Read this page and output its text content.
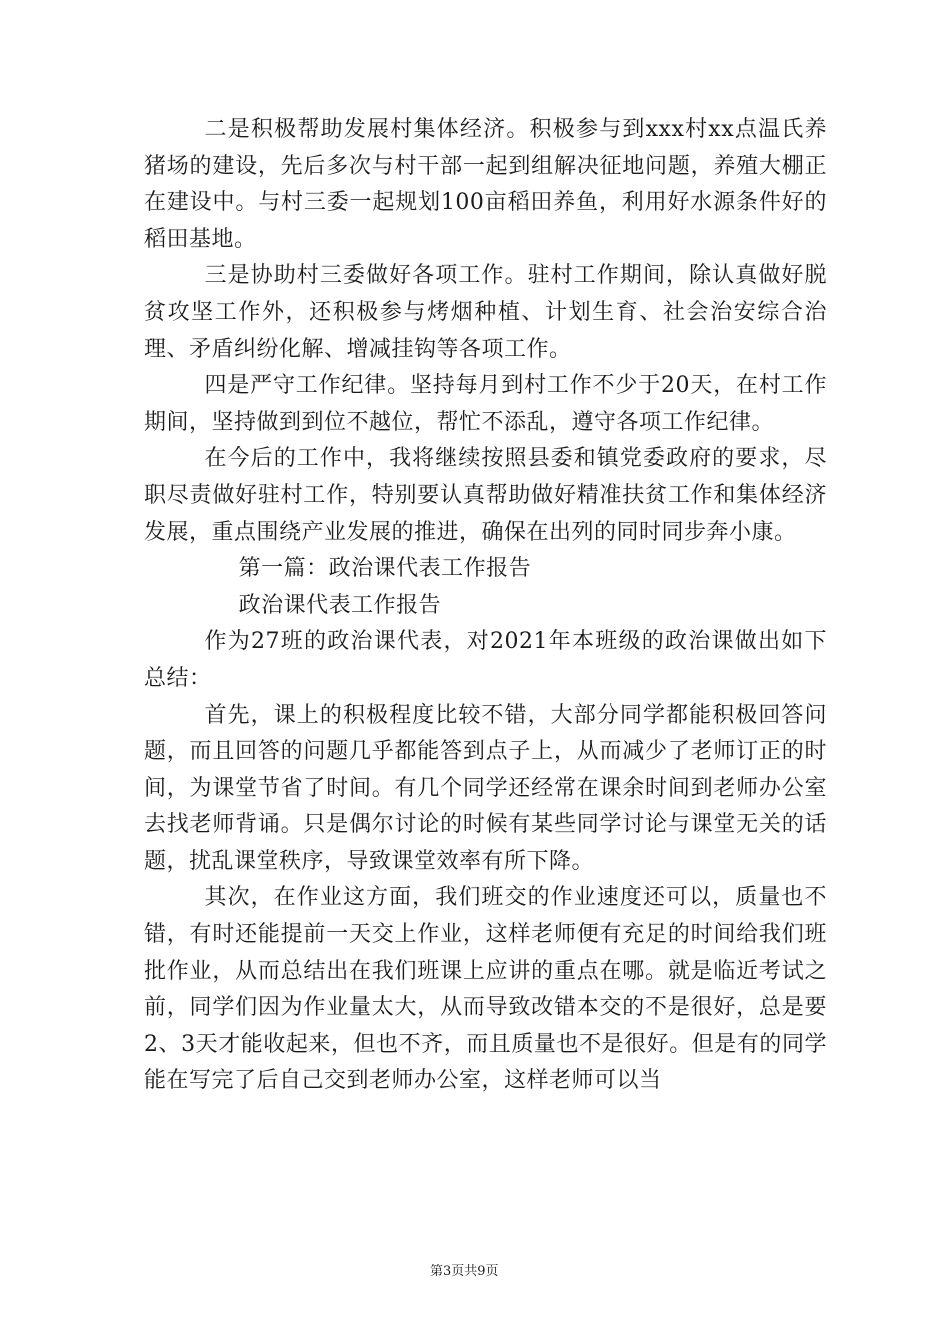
二是积极帮助发展村集体经济。积极参与到xxx村xx点温氏养猪场的建设，先后多次与村干部一起到组解决征地问题，养殖大棚正在建设中。与村三委一起规划100亩稻田养鱼，利用好水源条件好的稻田基地。

三是协助村三委做好各项工作。驻村工作期间，除认真做好脱贫攻坚工作外，还积极参与烤烟种植、计划生育、社会治安综合治理、矛盾纠纷化解、增减挂钩等各项工作。

四是严守工作纪律。坚持每月到村工作不少于20天，在村工作期间，坚持做到到位不越位，帮忙不添乱，遵守各项工作纪律。

在今后的工作中，我将继续按照县委和镇党委政府的要求，尽职尽责做好驻村工作，特别要认真帮助做好精准扶贫工作和集体经济发展，重点围绕产业发展的推进，确保在出列的同时同步奔小康。

第一篇：政治课代表工作报告

政治课代表工作报告

作为27班的政治课代表，对2021年本班级的政治课做出如下总结：

首先，课上的积极程度比较不错，大部分同学都能积极回答问题，而且回答的问题几乎都能答到点子上，从而减少了老师订正的时间，为课堂节省了时间。有几个同学还经常在课余时间到老师办公室去找老师背诵。只是偶尔讨论的时候有某些同学讨论与课堂无关的话题，扰乱课堂秩序，导致课堂效率有所下降。

其次，在作业这方面，我们班交的作业速度还可以，质量也不错，有时还能提前一天交上作业，这样老师便有充足的时间给我们班批作业，从而总结出在我们班课上应讲的重点在哪。就是临近考试之前，同学们因为作业量太大，从而导致改错本交的不是很好，总是要2、3天才能收起来，但也不齐，而且质量也不是很好。但是有的同学能在写完了后自己交到老师办公室，这样老师可以当

第3页共9页
